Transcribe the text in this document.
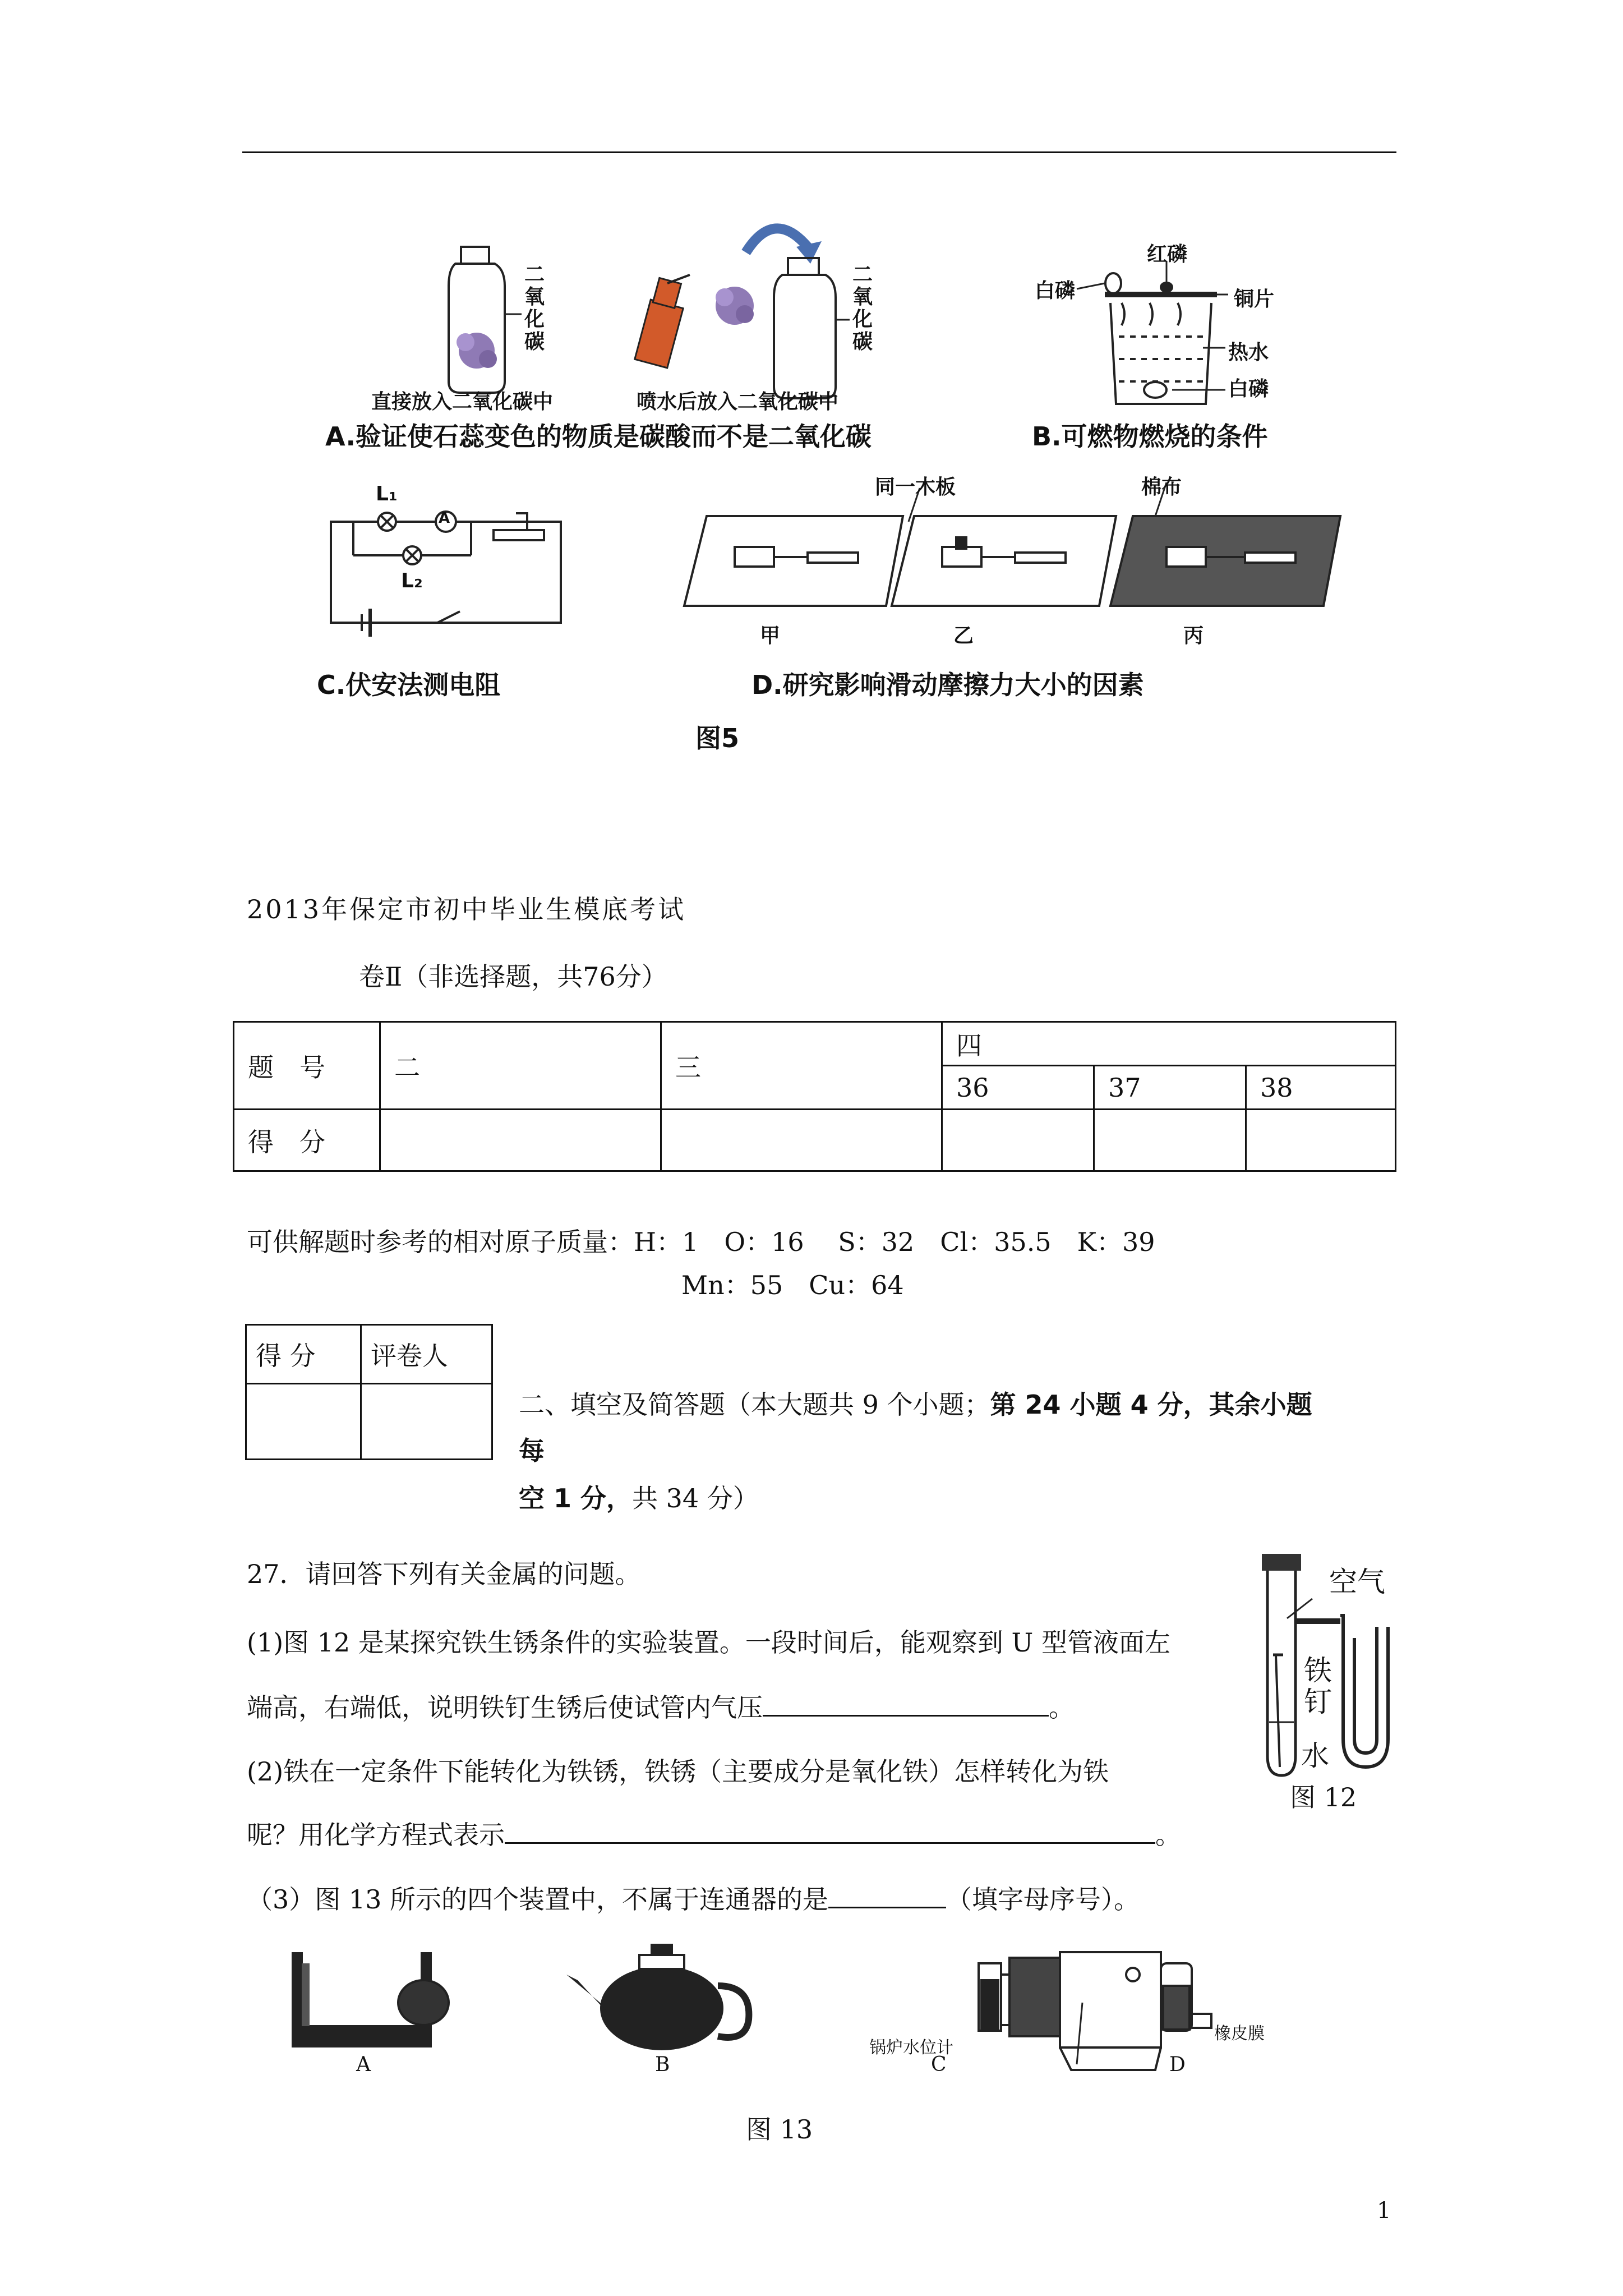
二氧化碳
二氧化碳
直接放入二氧化碳中	喷水后放入二氧化碳中
A.验证使石蕊变色的物质是碳酸而不是二氧化碳
红磷
白磷	铜片
热水
白磷
B.可燃物燃烧的条件
L₁
L₂
A
C.伏安法测电阻
同一木板	棉布
甲	乙	丙
D.研究影响滑动摩擦力大小的因素
图5
2013年保定市初中毕业生模底考试
卷Ⅱ（非选择题，共76分）
题　号	二	三	四		
			36	37	38
得　分					
可供解题时参考的相对原子质量：H：1　O：16　 S：32　Cl：35.5　K：39
Mn：55　Cu：64
得 分	评卷人

二、填空及简答题（本大题共 9 个小题；第 24 小题 4 分，其余小题
每
空 1 分，共 34 分）
27．请回答下列有关金属的问题。
(1)图 12 是某探究铁生锈条件的实验装置。一段时间后，能观察到 U 型管液面左
端高，右端低，说明铁钉生锈后使试管内气压	。
(2)铁在一定条件下能转化为铁锈，铁锈（主要成分是氧化铁）怎样转化为铁
呢？用化学方程式表示	。
（3）图 13 所示的四个装置中，不属于连通器的是	（填字母序号）。
空气
铁钉
水
图 12
A	B	C	D
锅炉水位计
橡皮膜
图 13
1
